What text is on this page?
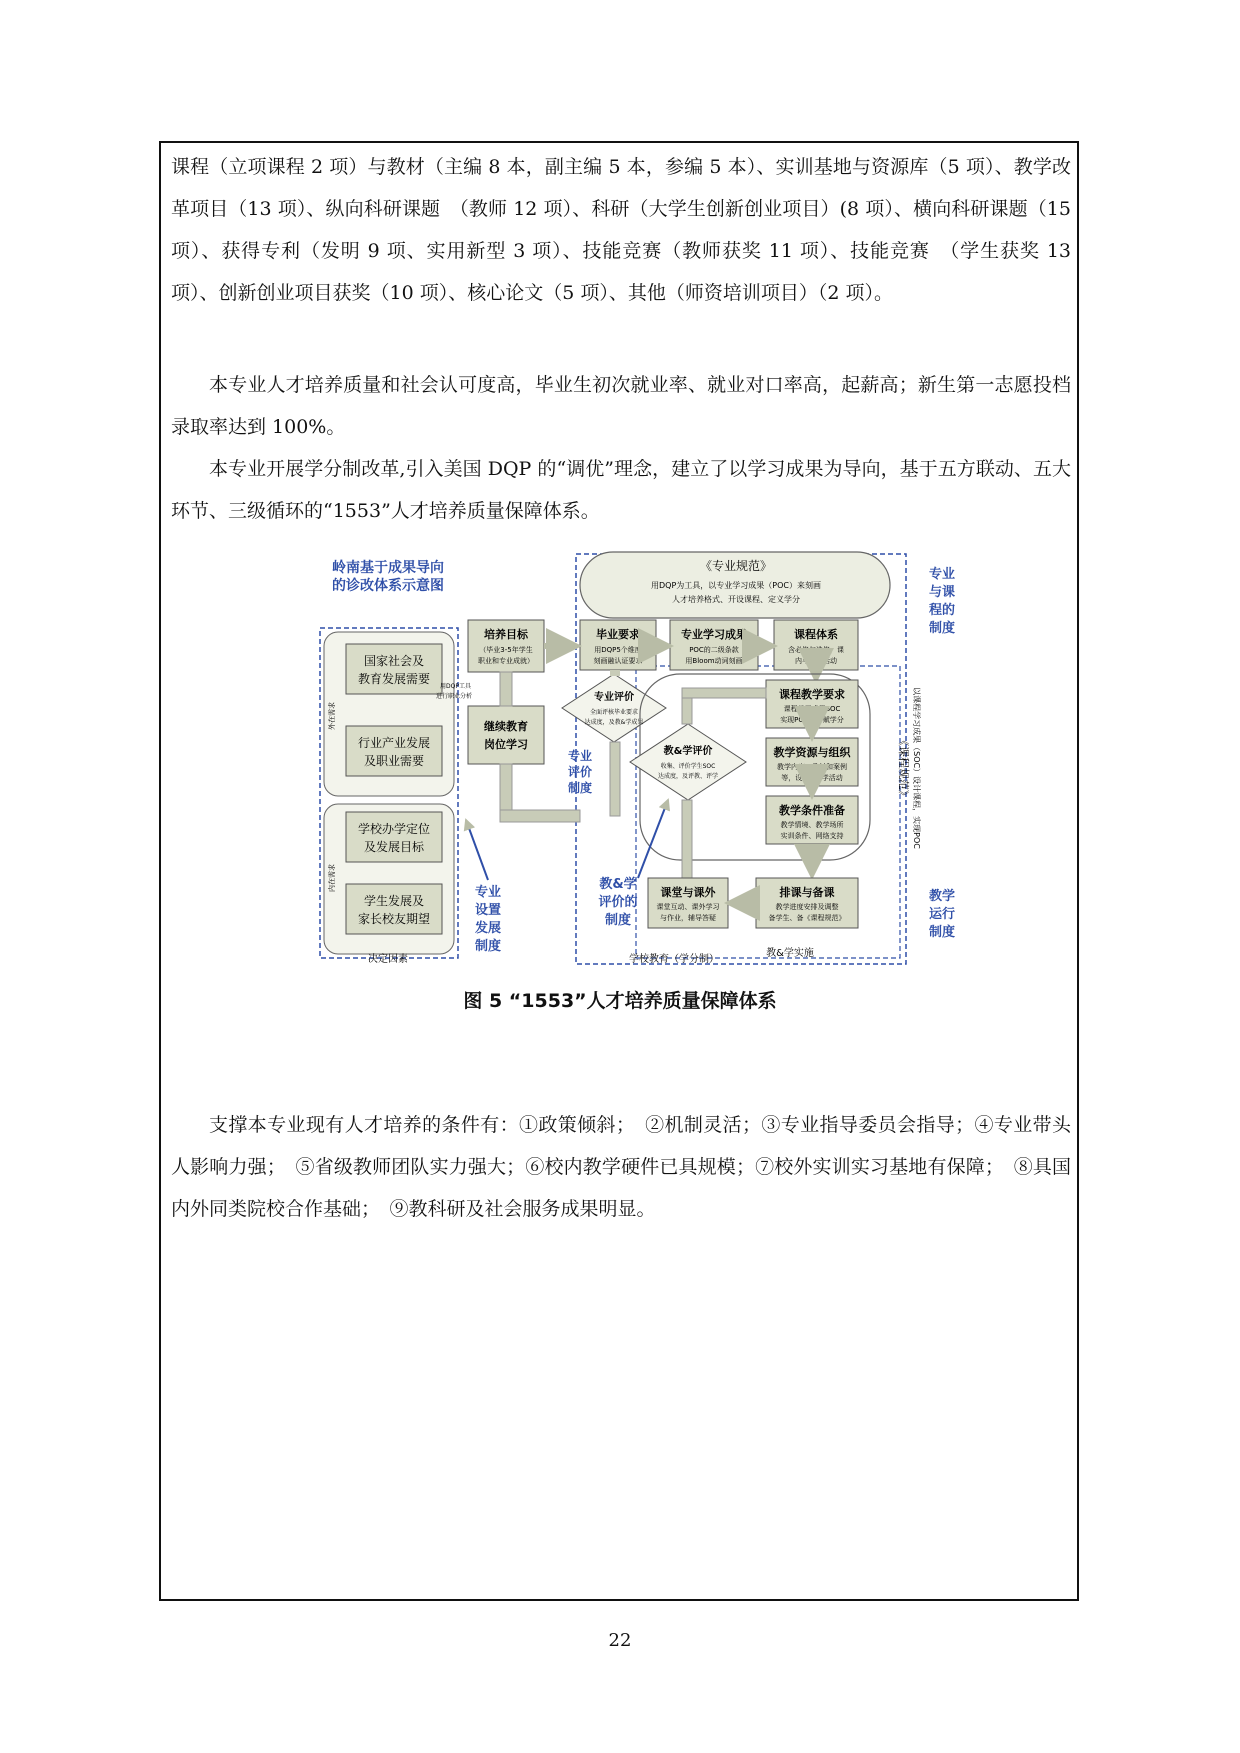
课程（立项课程 2 项）与教材（主编 8 本，副主编 5 本，参编 5 本）、实训基地与资源库（5 项）、教学改革项目（13 项）、纵向科研课题　（教师 12 项）、科研（大学生创新创业项目）(8 项）、横向科研课题（15 项）、获得专利（发明 9 项、实用新型 3 项）、技能竞赛（教师获奖 11 项）、技能竞赛　（学生获奖 13 项）、创新创业项目获奖（10 项）、核心论文（5 项）、其他（师资培训项目）（2 项）。

本专业人才培养质量和社会认可度高，毕业生初次就业率、就业对口率高，起薪高；新生第一志愿投档录取率达到 100%。

本专业开展学分制改革,引入美国 DQP 的“调优”理念，建立了以学习成果为导向，基于五方联动、五大环节、三级循环的“1553”人才培养质量保障体系。

岭南基于成果导向
的诊改体系示意图
《专业规范》
用DQP为工具，以专业学习成果（POC）来刻画
人才培养格式、开设课程、定义学分
专业
与课
程的
制度
外在需求
内在需求
国家社会及
教育发展需要
行业产业发展
及职业需要
学校办学定位
及发展目标
学生发展及
家长校友期望
决定因素
用DQP工具
进行职业分析
培养目标
（毕业3-5年学生
职业和专业成就）
继续教育
岗位学习
毕业要求
用DQP5个维度
刻画融认证要求
专业学习成果
POC的二级条款
用Bloom动词刻画
课程体系
含必修与选修，课
内与课外活动
专业评价
全面评核毕业要求
达成度，及教&学成果
专业
评价
制度	以课程学习成果（SOC）设计课程，实现POC
《课程规范》
课程教学要求
课程学习成果SOC
实现POC，并赋学分
教学资源与组织
教学内容、教材和案例
等，设计教&学活动
教学条件准备
教学情境、教学场所
实训条件、网络支持
教&学评价
收集、评价学生SOC
达成度，及评教、评学
课堂与课外
课堂互动、课外学习
与作业，辅导答疑
排课与备课
教学进度安排及调整
备学生、备《课程规范》
教学
运行
制度
专业
设置
发展
制度
教&学
评价的
制度
学校教育（学分制）
教&学实施
图 5 “1553”人才培养质量保障体系

支撑本专业现有人才培养的条件有：①政策倾斜；　②机制灵活；③专业指导委员会指导；④专业带头人影响力强；　⑤省级教师团队实力强大；⑥校内教学硬件已具规模；⑦校外实训实习基地有保障；　⑧具国内外同类院校合作基础；　⑨教科研及社会服务成果明显。

22
